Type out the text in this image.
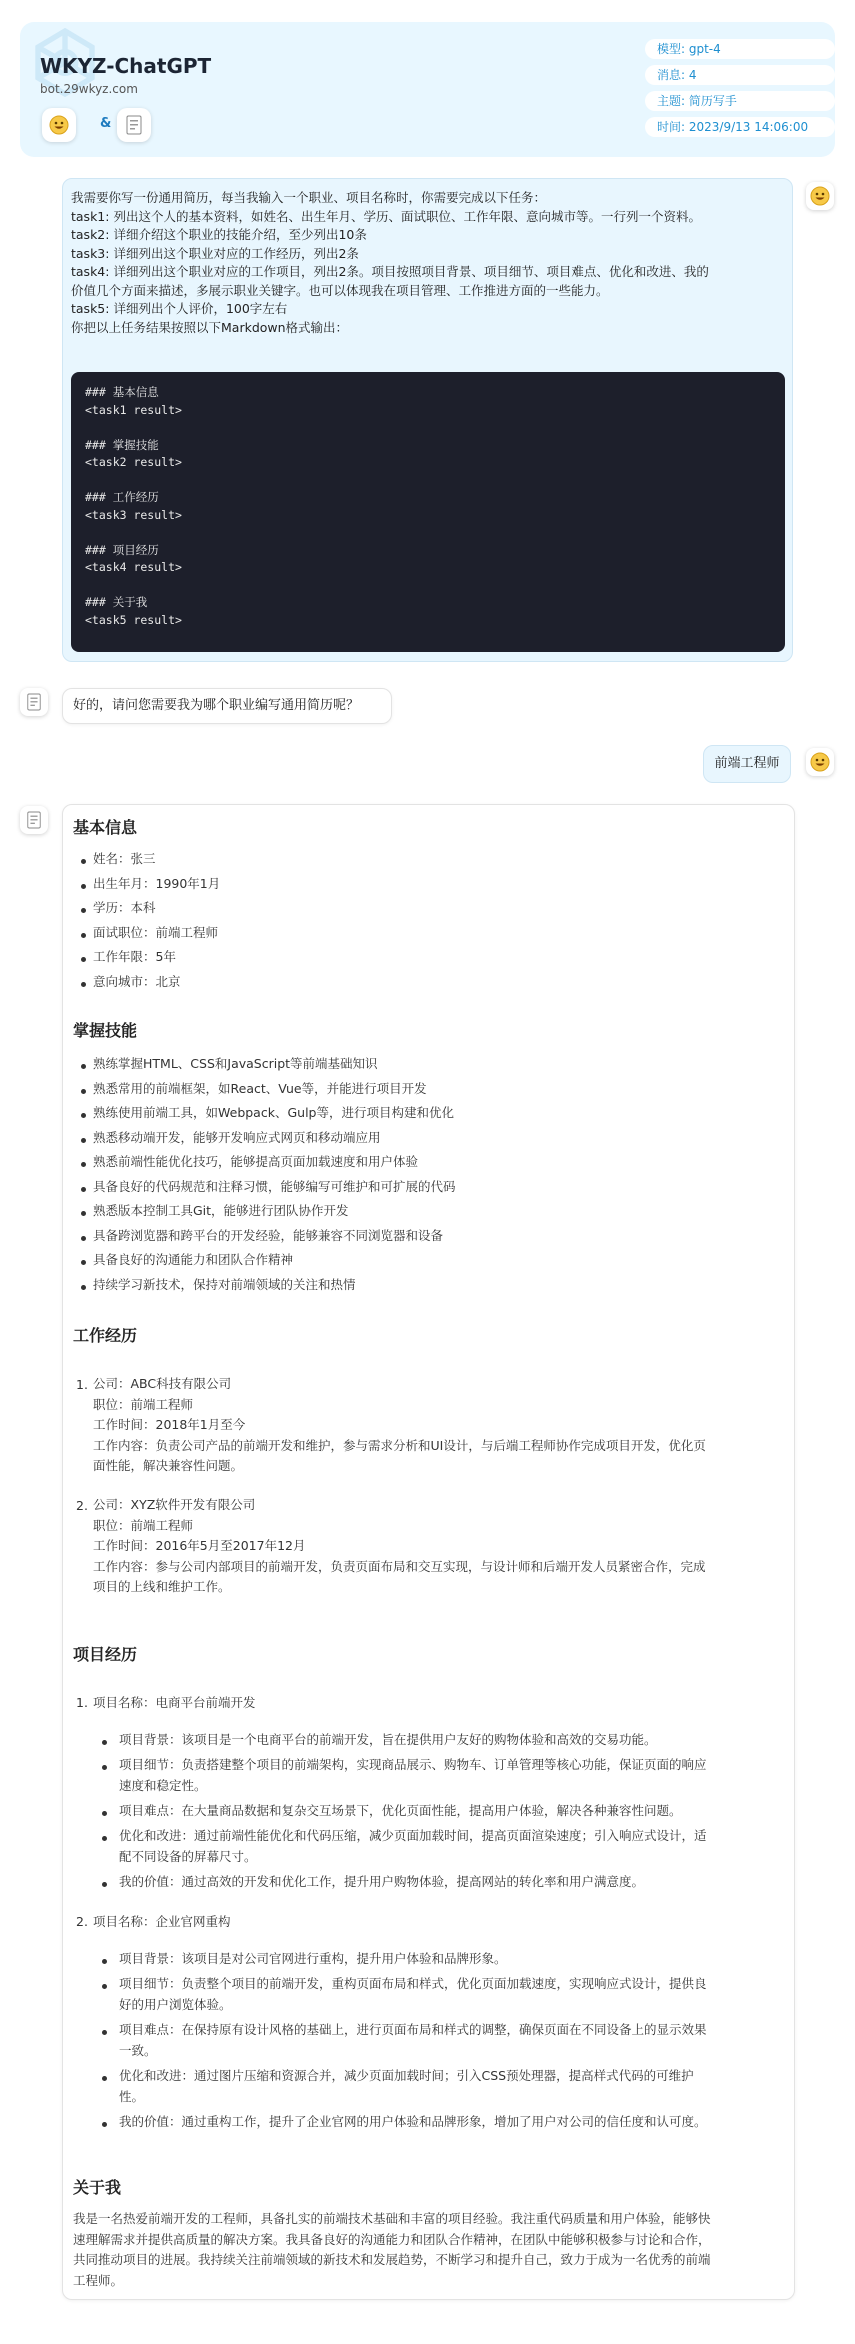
WKYZ-ChatGPT
bot.29wkyz.com
&
模型: gpt-4
消息: 4
主题: 简历写手
时间: 2023/9/13 14:06:00
我需要你写一份通用简历，每当我输入一个职业、项目名称时，你需要完成以下任务：
task1: 列出这个人的基本资料，如姓名、出生年月、学历、面试职位、工作年限、意向城市等。一行列一个资料。
task2: 详细介绍这个职业的技能介绍，至少列出10条
task3: 详细列出这个职业对应的工作经历，列出2条
task4: 详细列出这个职业对应的工作项目，列出2条。项目按照项目背景、项目细节、项目难点、优化和改进、我的
价值几个方面来描述，多展示职业关键字。也可以体现我在项目管理、工作推进方面的一些能力。
task5: 详细列出个人评价，100字左右
你把以上任务结果按照以下Markdown格式输出：
### 基本信息
<task1 result>
### 掌握技能
<task2 result>
### 工作经历
<task3 result>
### 项目经历
<task4 result>
### 关于我
<task5 result>
好的，请问您需要我为哪个职业编写通用简历呢？
前端工程师
基本信息
姓名：张三
出生年月：1990年1月
学历：本科
面试职位：前端工程师
工作年限：5年
意向城市：北京
掌握技能
熟练掌握HTML、CSS和JavaScript等前端基础知识
熟悉常用的前端框架，如React、Vue等，并能进行项目开发
熟练使用前端工具，如Webpack、Gulp等，进行项目构建和优化
熟悉移动端开发，能够开发响应式网页和移动端应用
熟悉前端性能优化技巧，能够提高页面加载速度和用户体验
具备良好的代码规范和注释习惯，能够编写可维护和可扩展的代码
熟悉版本控制工具Git，能够进行团队协作开发
具备跨浏览器和跨平台的开发经验，能够兼容不同浏览器和设备
具备良好的沟通能力和团队合作精神
持续学习新技术，保持对前端领域的关注和热情
工作经历
1. 公司：ABC科技有限公司
职位：前端工程师
工作时间：2018年1月至今
工作内容：负责公司产品的前端开发和维护，参与需求分析和UI设计，与后端工程师协作完成项目开发，优化页
面性能，解决兼容性问题。
2. 公司：XYZ软件开发有限公司
职位：前端工程师
工作时间：2016年5月至2017年12月
工作内容：参与公司内部项目的前端开发，负责页面布局和交互实现，与设计师和后端开发人员紧密合作，完成
项目的上线和维护工作。
项目经历
1. 项目名称：电商平台前端开发
项目背景：该项目是一个电商平台的前端开发，旨在提供用户友好的购物体验和高效的交易功能。
项目细节：负责搭建整个项目的前端架构，实现商品展示、购物车、订单管理等核心功能，保证页面的响应
速度和稳定性。
项目难点：在大量商品数据和复杂交互场景下，优化页面性能，提高用户体验，解决各种兼容性问题。
优化和改进：通过前端性能优化和代码压缩，减少页面加载时间，提高页面渲染速度；引入响应式设计，适
配不同设备的屏幕尺寸。
我的价值：通过高效的开发和优化工作，提升用户购物体验，提高网站的转化率和用户满意度。
2. 项目名称：企业官网重构
项目背景：该项目是对公司官网进行重构，提升用户体验和品牌形象。
项目细节：负责整个项目的前端开发，重构页面布局和样式，优化页面加载速度，实现响应式设计，提供良
好的用户浏览体验。
项目难点：在保持原有设计风格的基础上，进行页面布局和样式的调整，确保页面在不同设备上的显示效果
一致。
优化和改进：通过图片压缩和资源合并，减少页面加载时间；引入CSS预处理器，提高样式代码的可维护
性。
我的价值：通过重构工作，提升了企业官网的用户体验和品牌形象，增加了用户对公司的信任度和认可度。
关于我
我是一名热爱前端开发的工程师，具备扎实的前端技术基础和丰富的项目经验。我注重代码质量和用户体验，能够快
速理解需求并提供高质量的解决方案。我具备良好的沟通能力和团队合作精神，在团队中能够积极参与讨论和合作，
共同推动项目的进展。我持续关注前端领域的新技术和发展趋势，不断学习和提升自己，致力于成为一名优秀的前端
工程师。
